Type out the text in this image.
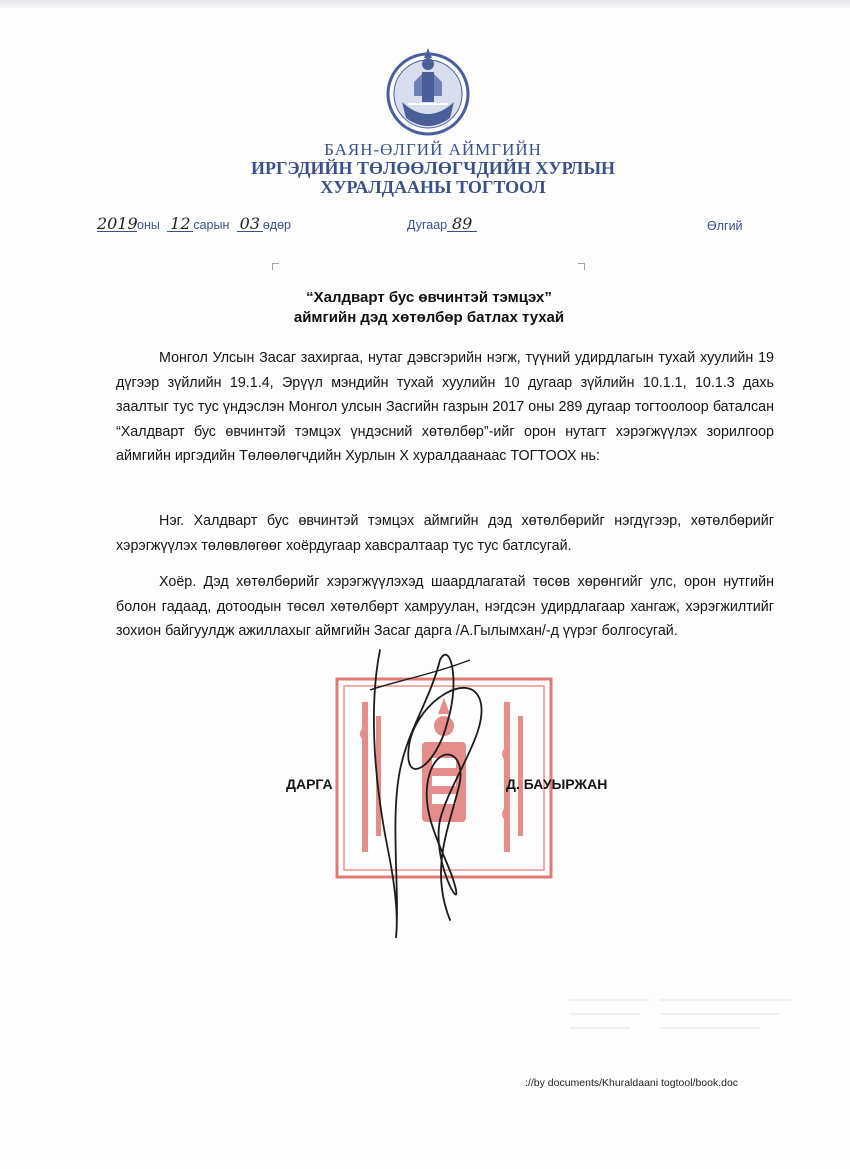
БАЯН-ӨЛГИЙ АЙМГИЙН
ИРГЭДИЙН ТӨЛӨӨЛӨГЧДИЙН ХУРЛЫН
ХУРАЛДААНЫ ТОГТООЛ
2019оны 12 сарын 03 өдөр	Дугаар 89	Өлгий
“Халдварт бус өвчинтэй тэмцэх”
аймгийн дэд хөтөлбөр батлах тухай

Монгол Улсын Засаг захиргаа, нутаг дэвсгэрийн нэгж, түүний удирдлагын тухай хуулийн 19 дүгээр зүйлийн 19.1.4, Эрүүл мэндийн тухай хуулийн 10 дугаар зүйлийн 10.1.1, 10.1.3 дахь заалтыг тус тус үндэслэн Монгол улсын Засгийн газрын 2017 оны 289 дугаар тогтоолоор баталсан “Халдварт бус өвчинтэй тэмцэх үндэсний хөтөлбөр”-ийг орон нутагт хэрэгжүүлэх зорилгоор аймгийн иргэдийн Төлөөлөгчдийн Хурлын Х хуралдаанаас ТОГТООХ нь:

Нэг. Халдварт бус өвчинтэй тэмцэх аймгийн дэд хөтөлбөрийг нэгдүгээр, хөтөлбөрийг хэрэгжүүлэх төлөвлөгөөг хоёрдугаар хавсралтаар тус тус батлсугай.

Хоёр. Дэд хөтөлбөрийг хэрэгжүүлэхэд шаардлагатай төсөв хөрөнгийг улс, орон нутгийн болон гадаад, дотоодын төсөл хөтөлбөрт хамруулан, нэгдсэн удирдлагаар хангаж, хэрэгжилтийг зохион байгуулдж ажиллахыг аймгийн Засаг дарга /А.Гылымхан/-д үүрэг болгосугай.

ДАРГА	Д. БАУЫРЖАН
://by documents/Khuraldaani togtool/book.doc
